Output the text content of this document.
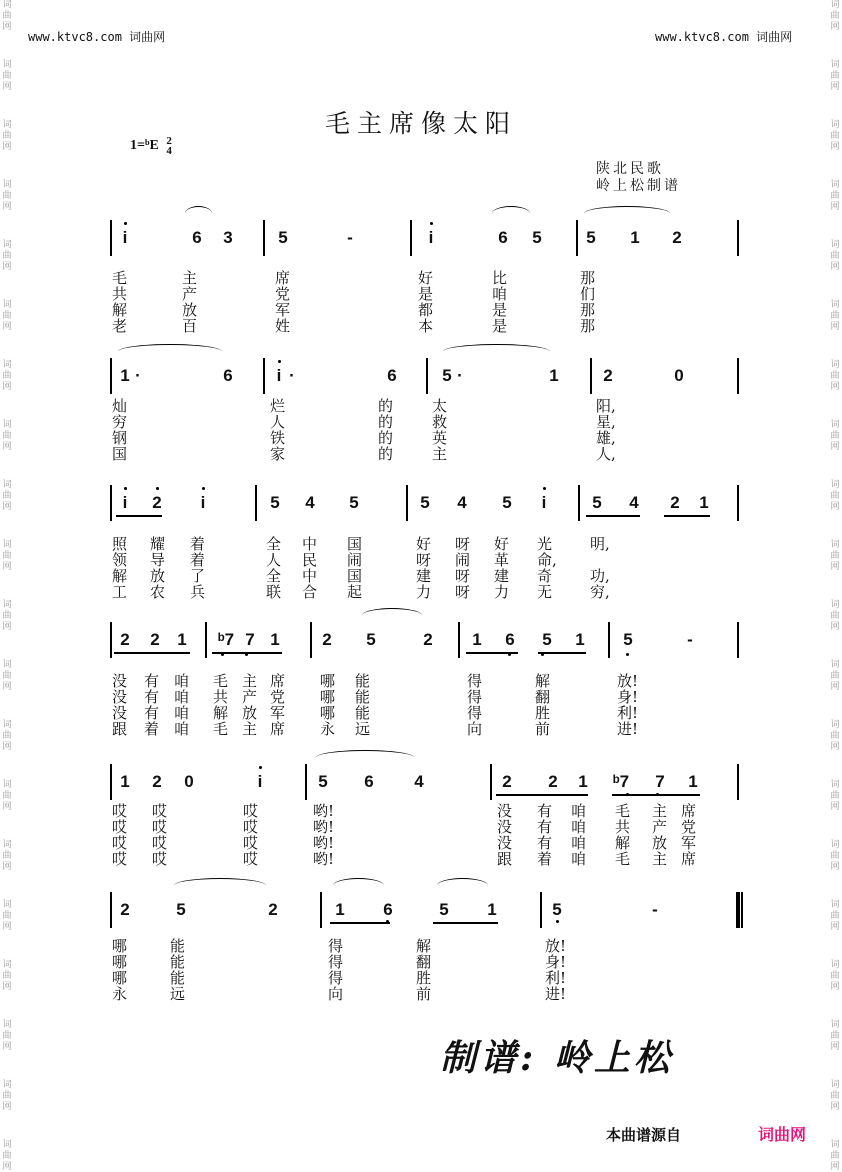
词
曲
网
词
曲
网
词
曲
网
词
曲
网
词
曲
网
词
曲
网
词
曲
网
词
曲
网
词
曲
网
词
曲
网
词
曲
网
词
曲
网
词
曲
网
词
曲
网
词
曲
网
词
曲
网
词
曲
网
词
曲
网
词
曲
网
词
曲
网
词
曲
网
词
曲
网
词
曲
网
词
曲
网
词
曲
网
词
曲
网
词
曲
网
词
曲
网
词
曲
网
词
曲
网
词
曲
网
词
曲
网
词
曲
网
词
曲
网
词
曲
网
词
曲
网
词
曲
网
词
曲
网
词
曲
网
词
曲
网
www.ktvc8.com 词曲网	www.ktvc8.com 词曲网
毛主席像太阳
1=ᵇE 2
4
陕北民歌
岭上松制谱
i	6 3	5	-	i	6 5	5 1 2
1 ·	6	i ·	6	5 ·	1	2	0
i 2 i	5 4 5	5 4 5 i	5 4 2 1
2 2 1 ᵇ7 7 1	2 5	2 1 6 5 1 5	-
1 2 0	i	5 6 4	2 2 1 ᵇ7 7 1
2	5	2	1 6	5 1	5	-
毛	主	席	好	比	那
共	产	党	是	咱	们
解	放	军	都	是	那
老	百	姓	本	是	那
灿	烂	的	太	阳,
穷	人	的	救	星,
钢	铁	的	英	雄,
国	家	的	主	人,
照 耀 着	全 中 国	好 呀 好 光	明,
领 导 着	人 民 闹	呀 闹 革 命,
解 放 了	全 中 国	建 呀 建 奇	功,
工 农 兵	联 合 起	力 呀 力 无	穷,
没 有 咱 毛 主 席 哪 能	得	解	放!
没 有 咱 共 产 党 哪 能	得	翻	身!
没 有 咱 解 放 军 哪 能	得	胜	利!
跟 着 咱 毛 主 席 永 远	向	前	进!
哎 哎	哎	哟!	没 有 咱 毛 主 席
哎 哎	哎	哟!	没 有 咱 共 产 党
哎 哎	哎	哟!	没 有 咱 解 放 军
哎 哎	哎	哟!	跟 着 咱 毛 主 席
哪	能	得	解	放!
哪	能	得	翻	身!
哪	能	得	胜	利!
永	远	向	前	进!
制谱: 岭上松
本曲谱源自	词曲网
